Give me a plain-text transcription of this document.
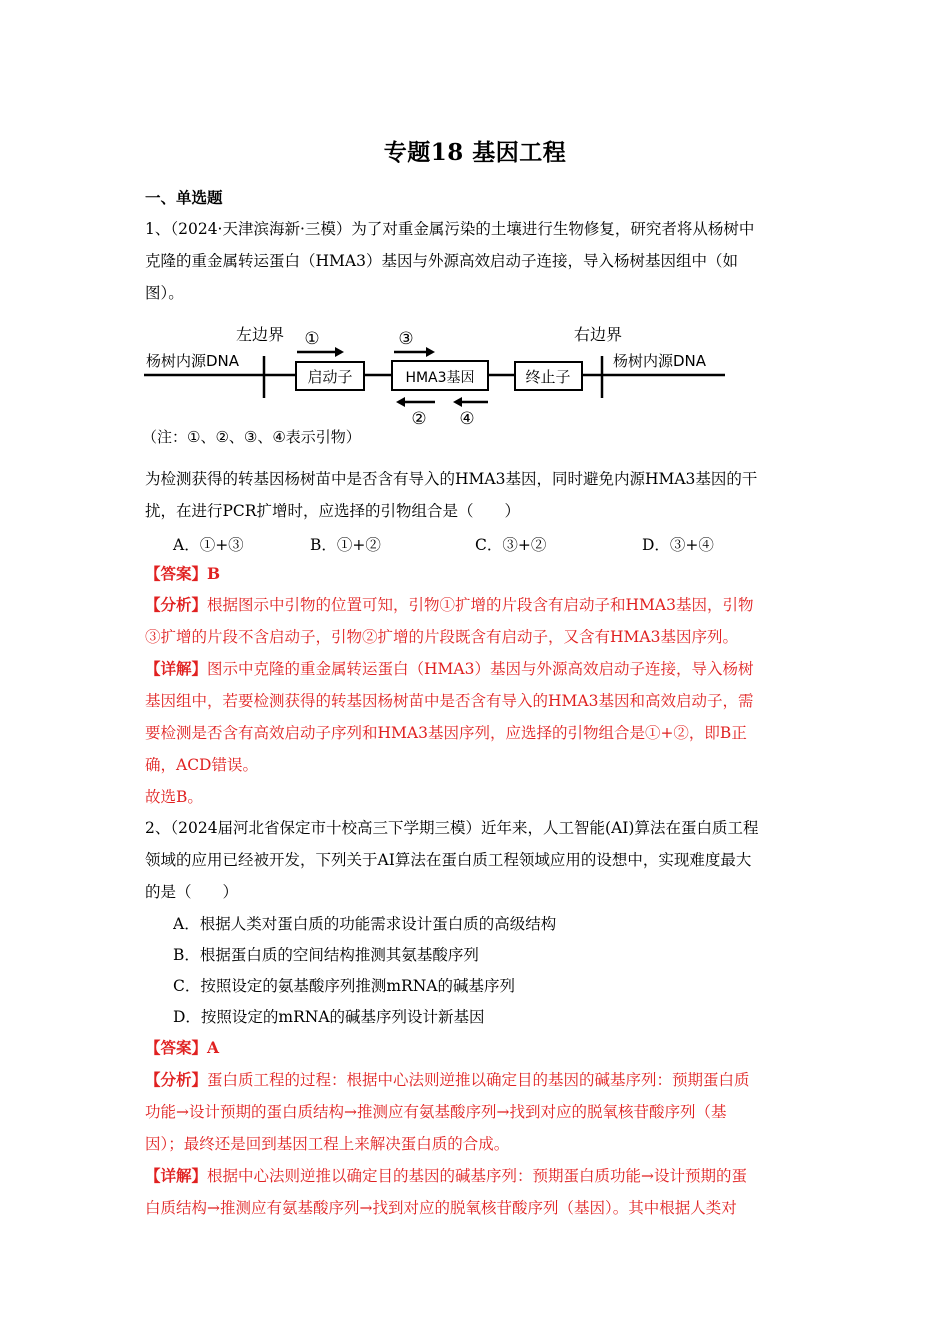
专题18 基因工程
一、单选题
1、（2024·天津滨海新·三模）为了对重金属污染的土壤进行生物修复，研究者将从杨树中
克隆的重金属转运蛋白（HMA3）基因与外源高效启动子连接，导入杨树基因组中（如
图）。
杨树内源DNA	杨树内源DNA
左边界	右边界
启动子	HMA3基因	终止子
①	③
② ④
（注：①、②、③、④表示引物）
为检测获得的转基因杨树苗中是否含有导入的HMA3基因，同时避免内源HMA3基因的干
扰，在进行PCR扩增时，应选择的引物组合是（　　）
A．①+③	B．①+②	C．③+②	D．③+④
【答案】B
【分析】根据图示中引物的位置可知，引物①扩增的片段含有启动子和HMA3基因，引物
③扩增的片段不含启动子，引物②扩增的片段既含有启动子，又含有HMA3基因序列。
【详解】图示中克隆的重金属转运蛋白（HMA3）基因与外源高效启动子连接，导入杨树
基因组中，若要检测获得的转基因杨树苗中是否含有导入的HMA3基因和高效启动子，需
要检测是否含有高效启动子序列和HMA3基因序列，应选择的引物组合是①+②，即B正
确，ACD错误。
故选B。
2、（2024届河北省保定市十校高三下学期三模）近年来，人工智能(AI)算法在蛋白质工程
领域的应用已经被开发，下列关于AI算法在蛋白质工程领域应用的设想中，实现难度最大
的是（　　）
A．根据人类对蛋白质的功能需求设计蛋白质的高级结构
B．根据蛋白质的空间结构推测其氨基酸序列
C．按照设定的氨基酸序列推测mRNA的碱基序列
D．按照设定的mRNA的碱基序列设计新基因
【答案】A
【分析】蛋白质工程的过程：根据中心法则逆推以确定目的基因的碱基序列：预期蛋白质
功能→设计预期的蛋白质结构→推测应有氨基酸序列→找到对应的脱氧核苷酸序列（基
因）；最终还是回到基因工程上来解决蛋白质的合成。
【详解】根据中心法则逆推以确定目的基因的碱基序列：预期蛋白质功能→设计预期的蛋
白质结构→推测应有氨基酸序列→找到对应的脱氧核苷酸序列（基因）。其中根据人类对
